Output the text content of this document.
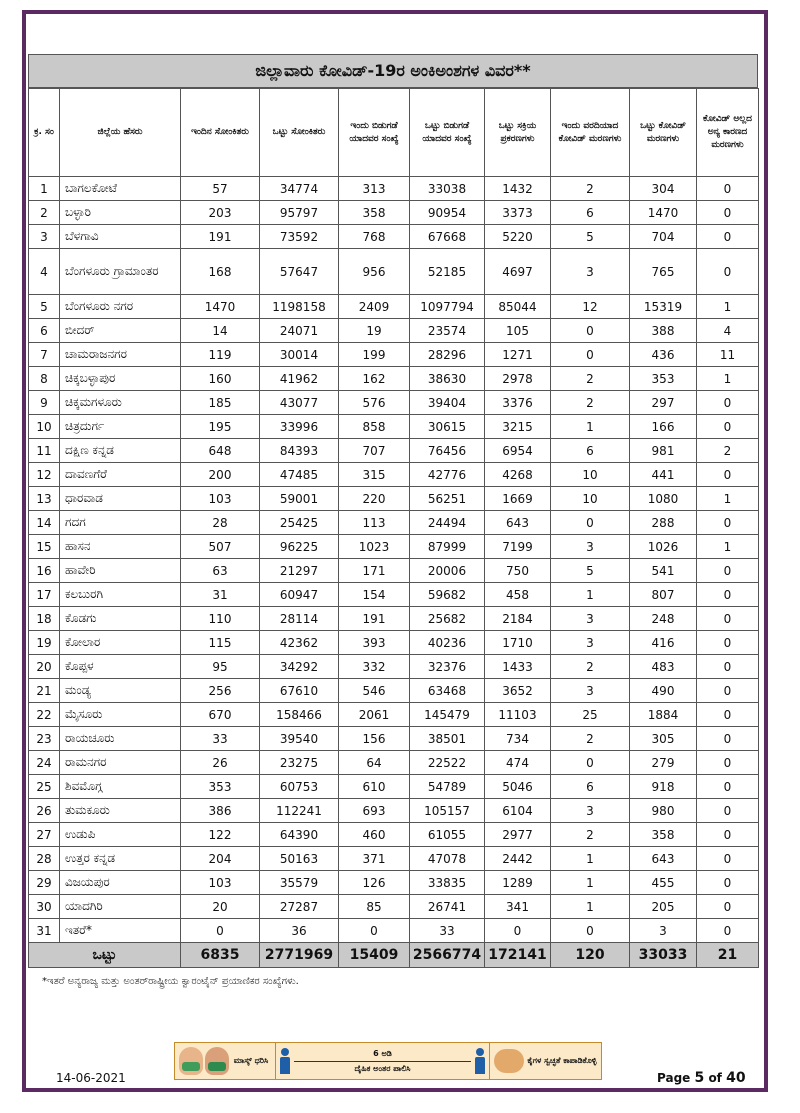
ಜಿಲ್ಲಾವಾರು ಕೋವಿಡ್‌-19ರ ಅಂಕಿಅಂಶಗಳ ವಿವರ**
ಕ್ರ. ಸಂ	ಜಿಲ್ಲೆಯ ಹೆಸರು	ಇಂದಿನ ಸೋಂಕಿತರು	ಒಟ್ಟು ಸೋಂಕಿತರು	ಇಂದು ಬಿಡುಗಡೆ ಯಾದವರ ಸಂಖ್ಯೆ	ಒಟ್ಟು ಬಿಡುಗಡೆ ಯಾದವರ ಸಂಖ್ಯೆ	ಒಟ್ಟು ಸಕ್ರಿಯ ಪ್ರಕರಣಗಳು	ಇಂದು ವರದಿಯಾದ ಕೋವಿಡ್‌ ಮರಣಗಳು	ಒಟ್ಟು ಕೋವಿಡ್‌ ಮರಣಗಳು	ಕೋವಿಡ್‌ ಅಲ್ಲದ ಅನ್ಯ ಕಾರಣದ ಮರಣಗಳು
1	ಬಾಗಲಕೋಟೆ	57	34774	313	33038	1432	2	304	0
2	ಬಳ್ಳಾರಿ	203	95797	358	90954	3373	6	1470	0
3	ಬೆಳಗಾವಿ	191	73592	768	67668	5220	5	704	0
4	ಬೆಂಗಳೂರು ಗ್ರಾಮಾಂತರ	168	57647	956	52185	4697	3	765	0
5	ಬೆಂಗಳೂರು ನಗರ	1470	1198158	2409	1097794	85044	12	15319	1
6	ಬೀದರ್‌	14	24071	19	23574	105	0	388	4
7	ಚಾಮರಾಜನಗರ	119	30014	199	28296	1271	0	436	11
8	ಚಿಕ್ಕಬಳ್ಳಾಪುರ	160	41962	162	38630	2978	2	353	1
9	ಚಿಕ್ಕಮಗಳೂರು	185	43077	576	39404	3376	2	297	0
10	ಚಿತ್ರದುರ್ಗ	195	33996	858	30615	3215	1	166	0
11	ದಕ್ಷಿಣ ಕನ್ನಡ	648	84393	707	76456	6954	6	981	2
12	ದಾವಣಗೆರೆ	200	47485	315	42776	4268	10	441	0
13	ಧಾರವಾಡ	103	59001	220	56251	1669	10	1080	1
14	ಗದಗ	28	25425	113	24494	643	0	288	0
15	ಹಾಸನ	507	96225	1023	87999	7199	3	1026	1
16	ಹಾವೇರಿ	63	21297	171	20006	750	5	541	0
17	ಕಲಬುರಗಿ	31	60947	154	59682	458	1	807	0
18	ಕೊಡಗು	110	28114	191	25682	2184	3	248	0
19	ಕೋಲಾರ	115	42362	393	40236	1710	3	416	0
20	ಕೊಪ್ಪಳ	95	34292	332	32376	1433	2	483	0
21	ಮಂಡ್ಯ	256	67610	546	63468	3652	3	490	0
22	ಮೈಸೂರು	670	158466	2061	145479	11103	25	1884	0
23	ರಾಯಚೂರು	33	39540	156	38501	734	2	305	0
24	ರಾಮನಗರ	26	23275	64	22522	474	0	279	0
25	ಶಿವಮೊಗ್ಗ	353	60753	610	54789	5046	6	918	0
26	ತುಮಕೂರು	386	112241	693	105157	6104	3	980	0
27	ಉಡುಪಿ	122	64390	460	61055	2977	2	358	0
28	ಉತ್ತರ ಕನ್ನಡ	204	50163	371	47078	2442	1	643	0
29	ವಿಜಯಪುರ	103	35579	126	33835	1289	1	455	0
30	ಯಾದಗಿರಿ	20	27287	85	26741	341	1	205	0
31	ಇತರೆ*	0	36	0	33	0	0	3	0
ಒಟ್ಟು		6835	2771969	15409	2566774	172141	120	33033	21
*ಇತರೆ ಅನ್ಯರಾಜ್ಯ ಮತ್ತು ಅಂತರ್‌ರಾಷ್ಟ್ರೀಯ ಕ್ವಾರಂಟೈನ್‌ ಪ್ರಯಾಣಿಕರ ಸಂಖ್ಯೆಗಳು.
ಮಾಸ್ಕ್ ಧರಿಸಿ
6 ಅಡಿ
ದೈಹಿಕ ಅಂತರ ಪಾಲಿಸಿ
ಕೈಗಳ ಸ್ವಚ್ಛತೆ ಕಾಪಾಡಿಕೊಳ್ಳಿ
14-06-2021	Page 5 of 40
